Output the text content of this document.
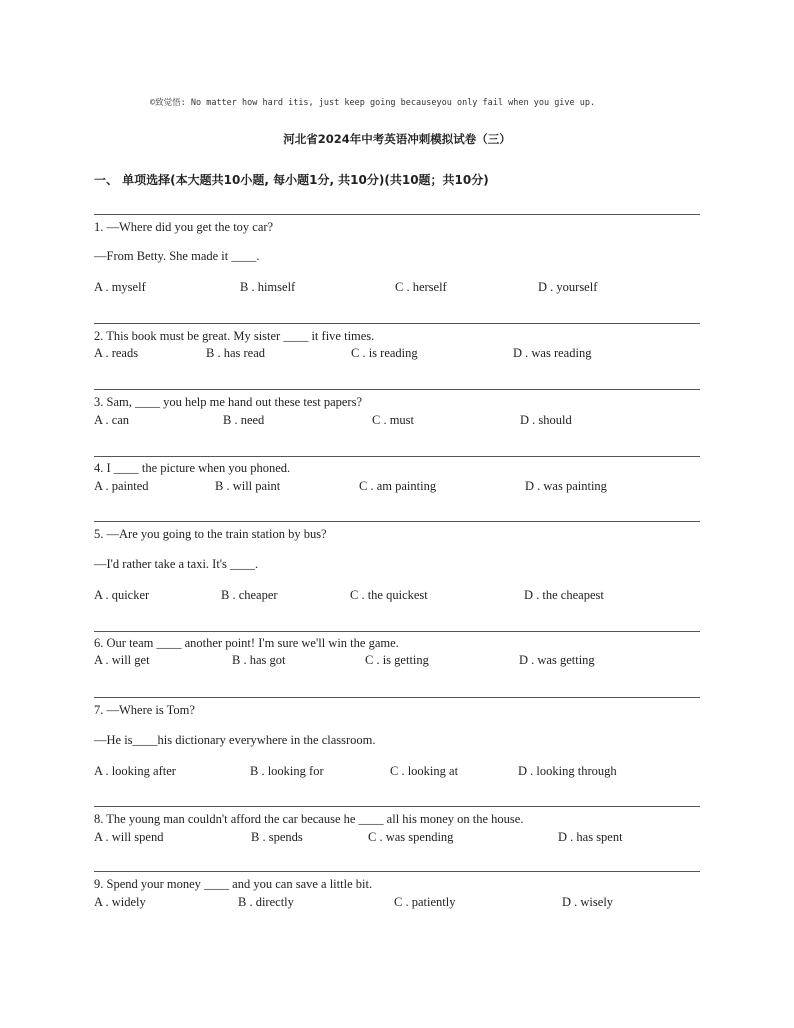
©致觉悟: No matter how hard itis, just keep going becauseyou only fail when you give up.
河北省2024年中考英语冲刺模拟试卷（三）
一、 单项选择(本大题共10小题, 每小题1分, 共10分)(共10题；共10分)
1. —Where did you get the toy car?
—From Betty. She made it ____.
A . myself	B . himself	C . herself	D . yourself
2. This book must be great. My sister ____ it five times.
A . reads	B . has read	C . is reading	D . was reading
3. Sam, ____ you help me hand out these test papers?
A . can	B . need	C . must	D . should
4. I ____ the picture when you phoned.
A . painted	B . will paint	C . am painting	D . was painting
5. —Are you going to the train station by bus?
—I'd rather take a taxi. It's ____.
A . quicker	B . cheaper	C . the quickest	D . the cheapest
6. Our team ____ another point! I'm sure we'll win the game.
A . will get	B . has got	C . is getting	D . was getting
7. —Where is Tom?
—He is____his dictionary everywhere in the classroom.
A . looking after	B . looking for	C . looking at	D . looking through
8. The young man couldn't afford the car because he ____ all his money on the house.
A . will spend	B . spends	C . was spending	D . has spent
9. Spend your money ____ and you can save a little bit.
A . widely	B . directly	C . patiently	D . wisely
